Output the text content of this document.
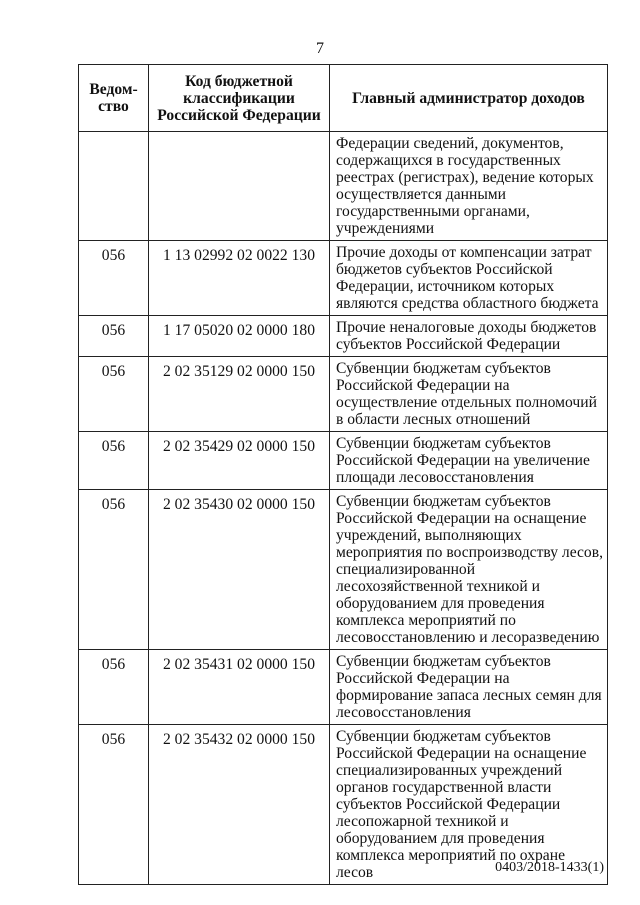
7
Ведом-ство	Код бюджетной классификации Российской Федерации	Главный администратор доходов
		Федерации сведений, документов, содержащихся в государственных реестрах (регистрах), ведение которых осуществляется данными государственными органами, учреждениями
056	1 13 02992 02 0022 130	Прочие доходы от компенсации затрат бюджетов субъектов Российской Федерации, источником которых являются средства областного бюджета
056	1 17 05020 02 0000 180	Прочие неналоговые доходы бюджетов субъектов Российской Федерации
056	2 02 35129 02 0000 150	Субвенции бюджетам субъектов Российской Федерации на осуществление отдельных полномочий в области лесных отношений
056	2 02 35429 02 0000 150	Субвенции бюджетам субъектов Российской Федерации на увеличение площади лесовосстановления
056	2 02 35430 02 0000 150	Субвенции бюджетам субъектов Российской Федерации на оснащение учреждений, выполняющих мероприятия по воспроизводству лесов, специализированной лесохозяйственной техникой и оборудованием для проведения комплекса мероприятий по лесовосстановлению и лесоразведению
056	2 02 35431 02 0000 150	Субвенции бюджетам субъектов Российской Федерации на формирование запаса лесных семян для лесовосстановления
056	2 02 35432 02 0000 150	Субвенции бюджетам субъектов Российской Федерации на оснащение специализированных учреждений органов государственной власти субъектов Российской Федерации лесопожарной техникой и оборудованием для проведения комплекса мероприятий по охране лесов	0403/2018-1433(1)
